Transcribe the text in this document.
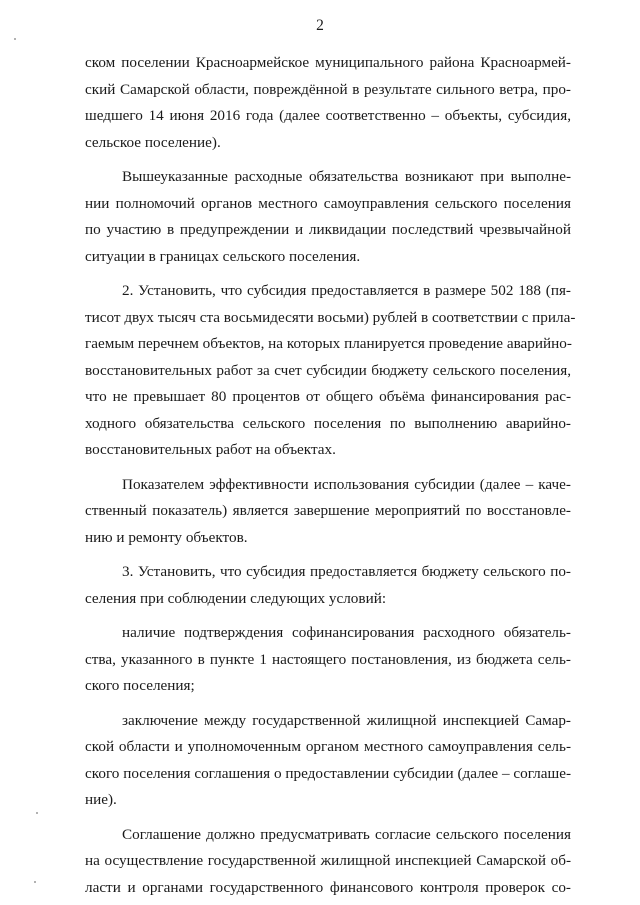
2
ском поселении Красноармейское муниципального района Красноармей-
ский Самарской области, повреждённой в результате сильного ветра, про-
шедшего 14 июня 2016 года (далее соответственно – объекты, субсидия,
сельское поселение).
Вышеуказанные расходные обязательства возникают при выполне-
нии полномочий органов местного самоуправления сельского поселения
по участию в предупреждении и ликвидации последствий чрезвычайной
ситуации в границах сельского поселения.
2. Установить, что субсидия предоставляется в размере 502 188 (пя-
тисот двух тысяч ста восьмидесяти восьми) рублей в соответствии с прила-
гаемым перечнем объектов, на которых планируется проведение аварийно-
восстановительных работ за счет субсидии бюджету сельского поселения,
что не превышает 80 процентов от общего объёма финансирования рас-
ходного обязательства сельского поселения по выполнению аварийно-
восстановительных работ на объектах.
Показателем эффективности использования субсидии (далее – каче-
ственный показатель) является завершение мероприятий по восстановле-
нию и ремонту объектов.
3. Установить, что субсидия предоставляется бюджету сельского по-
селения при соблюдении следующих условий:
наличие подтверждения софинансирования расходного обязатель-
ства, указанного в пункте 1 настоящего постановления, из бюджета сель-
ского поселения;
заключение между государственной жилищной инспекцией Самар-
ской области и уполномоченным органом местного самоуправления сель-
ского поселения соглашения о предоставлении субсидии (далее – соглаше-
ние).
Соглашение должно предусматривать согласие сельского поселения
на осуществление государственной жилищной инспекцией Самарской об-
ласти и органами государственного финансового контроля проверок со-
